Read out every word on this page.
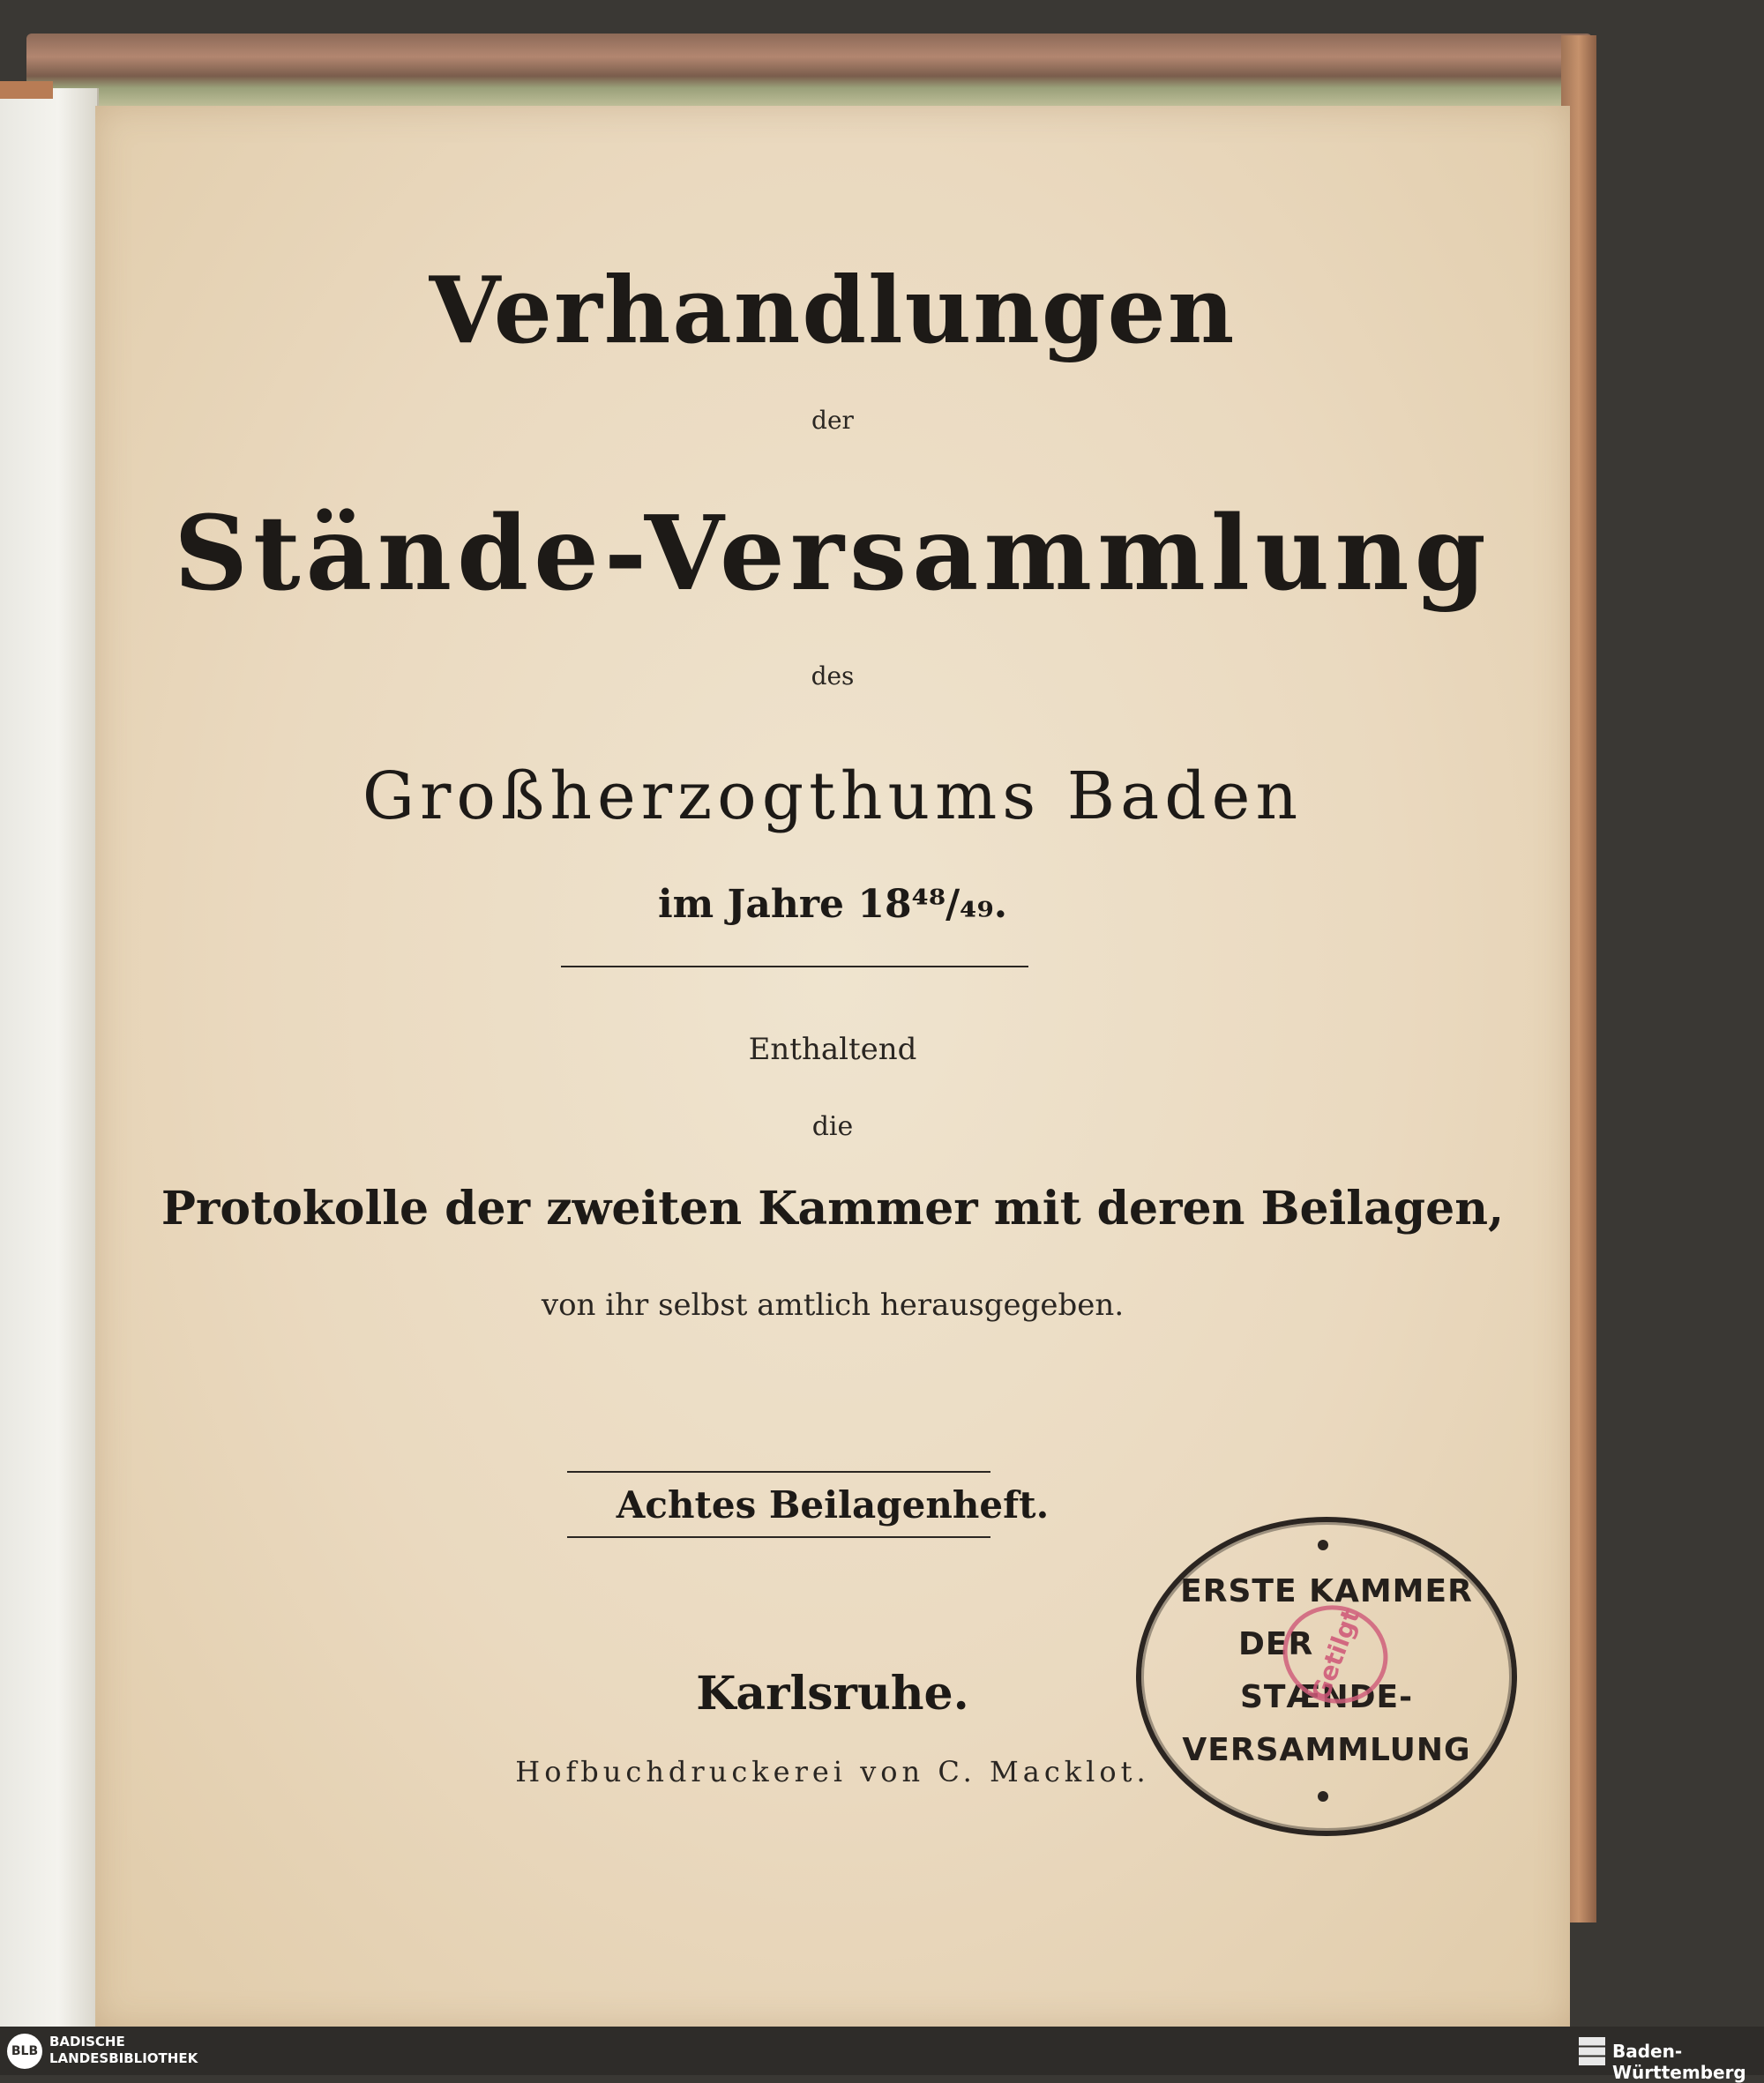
Verhandlungen
der
Stände-Versammlung
des
Großherzogthums Baden
im Jahre 18⁴⁸/₄₉.
Enthaltend
die
Protokolle der zweiten Kammer mit deren Beilagen,
von ihr selbst amtlich herausgegeben.
Achtes Beilagenheft.
Karlsruhe.
Hofbuchdruckerei von C. Macklot.
ERSTE KAMMER
DER
STÆNDE-
VERSAMMLUNG
Getilgt
BLB
BADISCHE
LANDESBIBLIOTHEK	Baden-Württemberg
